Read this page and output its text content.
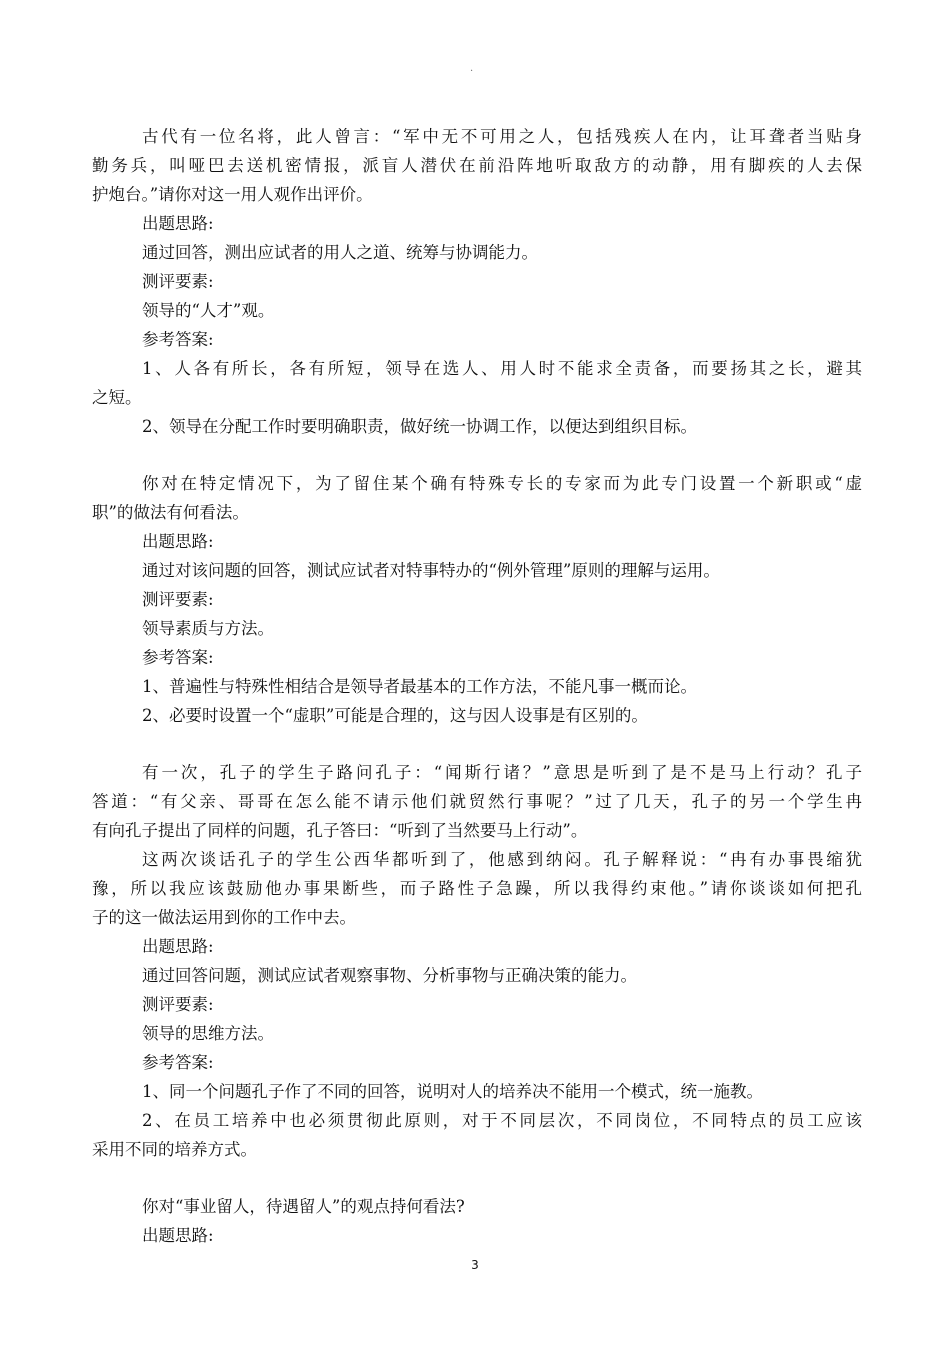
·
古代有一位名将，此人曾言：“军中无不可用之人，包括残疾人在内，让耳聋者当贴身
勤务兵，叫哑巴去送机密情报，派盲人潜伏在前沿阵地听取敌方的动静，用有脚疾的人去保
护炮台。”请你对这一用人观作出评价。
出题思路:
通过回答，测出应试者的用人之道、统筹与协调能力。
测评要素:
领导的“人才”观。
参考答案:
1、人各有所长，各有所短，领导在选人、用人时不能求全责备，而要扬其之长，避其
之短。
2、领导在分配工作时要明确职责，做好统一协调工作，以便达到组织目标。
你对在特定情况下，为了留住某个确有特殊专长的专家而为此专门设置一个新职或“虚
职”的做法有何看法。
出题思路:
通过对该问题的回答，测试应试者对特事特办的“例外管理”原则的理解与运用。
测评要素:
领导素质与方法。
参考答案:
1、普遍性与特殊性相结合是领导者最基本的工作方法，不能凡事一概而论。
2、必要时设置一个“虚职”可能是合理的，这与因人设事是有区别的。
有一次，孔子的学生子路问孔子：“闻斯行诸？”意思是听到了是不是马上行动？孔子
答道：“有父亲、哥哥在怎么能不请示他们就贸然行事呢？”过了几天，孔子的另一个学生冉
有向孔子提出了同样的问题，孔子答曰：“听到了当然要马上行动”。
这两次谈话孔子的学生公西华都听到了，他感到纳闷。孔子解释说：“冉有办事畏缩犹
豫，所以我应该鼓励他办事果断些，而子路性子急躁，所以我得约束他。”请你谈谈如何把孔
子的这一做法运用到你的工作中去。
出题思路:
通过回答问题，测试应试者观察事物、分析事物与正确决策的能力。
测评要素:
领导的思维方法。
参考答案:
1、同一个问题孔子作了不同的回答，说明对人的培养决不能用一个模式，统一施教。
2、在员工培养中也必须贯彻此原则，对于不同层次，不同岗位，不同特点的员工应该
采用不同的培养方式。
你对“事业留人，待遇留人”的观点持何看法?
出题思路:
3
